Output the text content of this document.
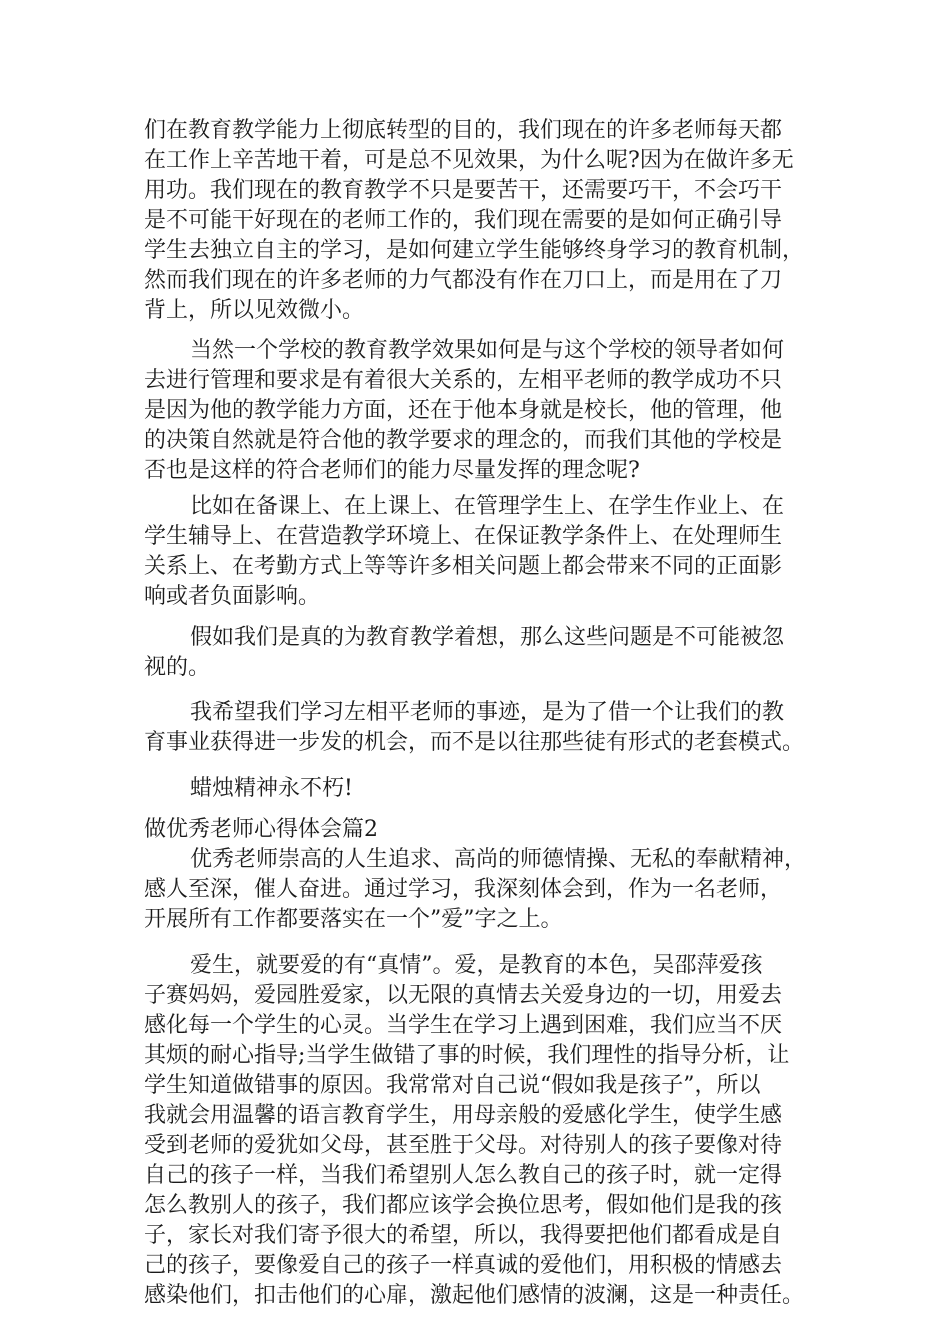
们在教育教学能力上彻底转型的目的，我们现在的许多老师每天都
在工作上辛苦地干着，可是总不见效果，为什么呢?因为在做许多无
用功。我们现在的教育教学不只是要苦干，还需要巧干，不会巧干
是不可能干好现在的老师工作的，我们现在需要的是如何正确引导
学生去独立自主的学习，是如何建立学生能够终身学习的教育机制，
然而我们现在的许多老师的力气都没有作在刀口上，而是用在了刀
背上，所以见效微小。
当然一个学校的教育教学效果如何是与这个学校的领导者如何
去进行管理和要求是有着很大关系的，左相平老师的教学成功不只
是因为他的教学能力方面，还在于他本身就是校长，他的管理，他
的决策自然就是符合他的教学要求的理念的，而我们其他的学校是
否也是这样的符合老师们的能力尽量发挥的理念呢?
比如在备课上、在上课上、在管理学生上、在学生作业上、在
学生辅导上、在营造教学环境上、在保证教学条件上、在处理师生
关系上、在考勤方式上等等许多相关问题上都会带来不同的正面影
响或者负面影响。
假如我们是真的为教育教学着想，那么这些问题是不可能被忽
视的。
我希望我们学习左相平老师的事迹，是为了借一个让我们的教
育事业获得进一步发的机会，而不是以往那些徒有形式的老套模式。
蜡烛精神永不朽!
做优秀老师心得体会篇2
优秀老师崇高的人生追求、高尚的师德情操、无私的奉献精神，
感人至深，催人奋进。通过学习，我深刻体会到，作为一名老师，
开展所有工作都要落实在一个”爱”字之上。
爱生，就要爱的有“真情”。爱，是教育的本色，吴邵萍爱孩
子赛妈妈，爱园胜爱家，以无限的真情去关爱身边的一切，用爱去
感化每一个学生的心灵。当学生在学习上遇到困难，我们应当不厌
其烦的耐心指导;当学生做错了事的时候，我们理性的指导分析，让
学生知道做错事的原因。我常常对自己说“假如我是孩子”，所以
我就会用温馨的语言教育学生，用母亲般的爱感化学生，使学生感
受到老师的爱犹如父母，甚至胜于父母。对待别人的孩子要像对待
自己的孩子一样，当我们希望别人怎么教自己的孩子时，就一定得
怎么教别人的孩子，我们都应该学会换位思考，假如他们是我的孩
子，家长对我们寄予很大的希望，所以，我得要把他们都看成是自
己的孩子，要像爱自己的孩子一样真诚的爱他们，用积极的情感去
感染他们，扣击他们的心扉，激起他们感情的波澜，这是一种责任。
